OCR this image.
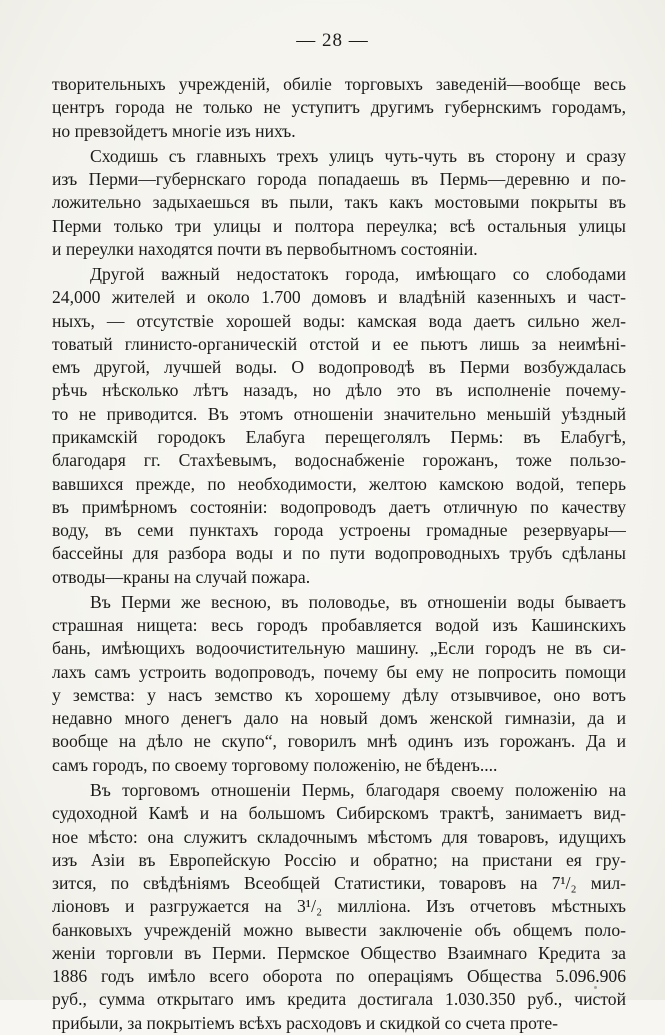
— 28 —
творительныхъ учрежденій, обиліе торговыхъ заведеній—вообще весь
центръ города не только не уступитъ другимъ губернскимъ городамъ,
но превзойдетъ многіе изъ нихъ.
Сходишь съ главныхъ трехъ улицъ чуть-чуть въ сторону и сразу
изъ Перми—губернскаго города попадаешь въ Пермь—деревню и по-
ложительно задыхаешься въ пыли, такъ какъ мостовыми покрыты въ
Перми только три улицы и полтора переулка; всѣ остальныя улицы
и переулки находятся почти въ первобытномъ состояніи.
Другой важный недостатокъ города, имѣющаго со слободами
24,000 жителей и около 1.700 домовъ и владѣній казенныхъ и част-
ныхъ, — отсутствіе хорошей воды: камская вода даетъ сильно жел-
товатый глинисто-органическій отстой и ее пьютъ лишь за неимѣні-
емъ другой, лучшей воды. О водопроводѣ въ Перми возбуждалась
рѣчь нѣсколько лѣтъ назадъ, но дѣло это въ исполненіе почему-
то не приводится. Въ этомъ отношеніи значительно меньшій уѣздный
прикамскій городокъ Елабуга перещеголялъ Пермь: въ Елабугѣ,
благодаря гг. Стахѣевымъ, водоснабженіе горожанъ, тоже пользо-
вавшихся прежде, по необходимости, желтою камскою водой, теперь
въ примѣрномъ состояніи: водопроводъ даетъ отличную по качеству
воду, въ семи пунктахъ города устроены громадные резервуары—
бассейны для разбора воды и по пути водопроводныхъ трубъ сдѣланы
отводы—краны на случай пожара.
Въ Перми же весною, въ половодье, въ отношеніи воды бываетъ
страшная нищета: весь городъ пробавляется водой изъ Кашинскихъ
бань, имѣющихъ водоочистительную машину. „Если городъ не въ си-
лахъ самъ устроить водопроводъ, почему бы ему не попросить помощи
у земства: у насъ земство къ хорошему дѣлу отзывчивое, оно вотъ
недавно много денегъ дало на новый домъ женской гимназіи, да и
вообще на дѣло не скупо“, говорилъ мнѣ одинъ изъ горожанъ. Да и
самъ городъ, по своему торговому положенію, не бѣденъ....
Въ торговомъ отношеніи Пермь, благодаря своему положенію на
судоходной Камѣ и на большомъ Сибирскомъ трактѣ, занимаетъ вид-
ное мѣсто: она служитъ складочнымъ мѣстомъ для товаровъ, идущихъ
изъ Азіи въ Европейскую Россію и обратно; на пристани ея гру-
зится, по свѣдѣніямъ Всеобщей Статистики, товаровъ на 7¹/₂ мил-
ліоновъ и разгружается на 3¹/₂ милліона. Изъ отчетовъ мѣстныхъ
банковыхъ учрежденій можно вывести заключеніе объ общемъ поло-
женіи торговли въ Перми. Пермское Общество Взаимнаго Кредита за
1886 годъ имѣло всего оборота по операціямъ Общества 5.096.906
руб., сумма открытаго имъ кредита достигала 1.030.350 руб., чистой
прибыли, за покрытіемъ всѣхъ расходовъ и скидкой со счета проте-
